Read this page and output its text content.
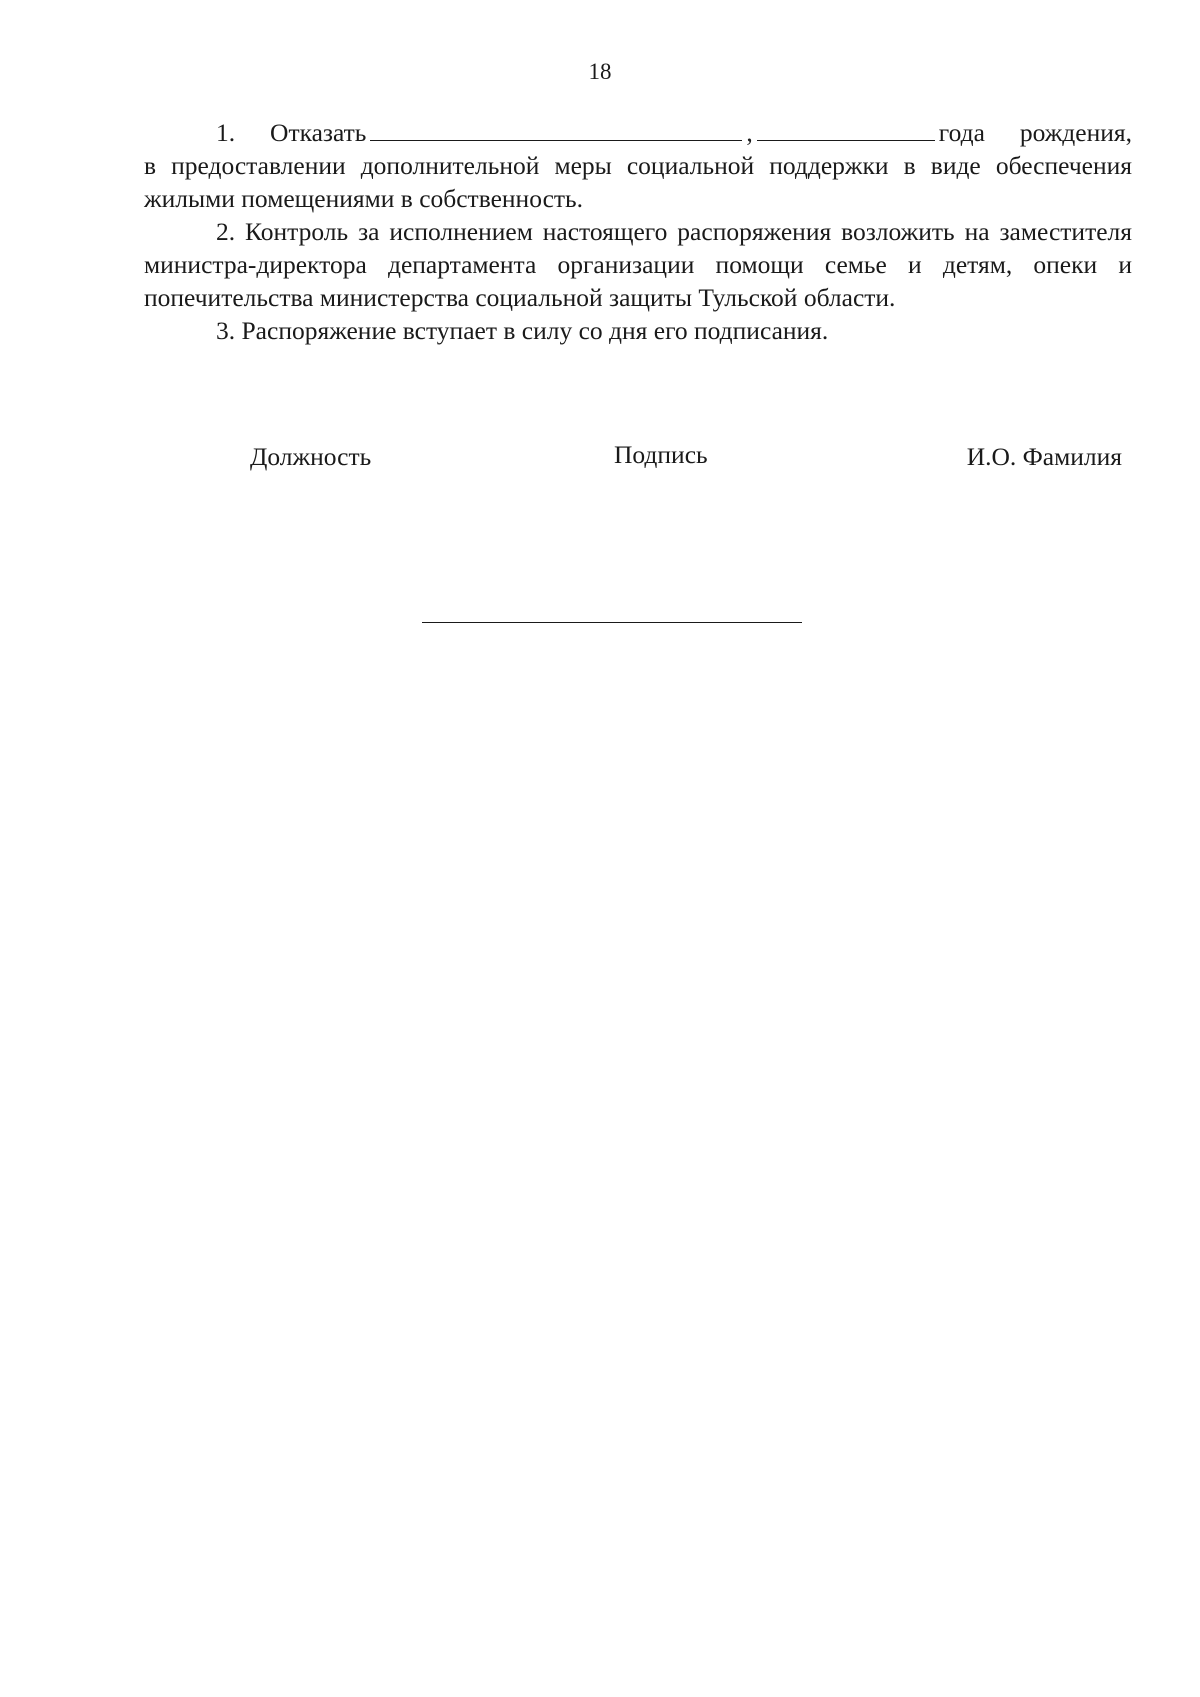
18

1. Отказать	,	года рождения,

в предоставлении дополнительной меры социальной поддержки в виде обеспечения жилыми помещениями в собственность.

2. Контроль за исполнением настоящего распоряжения возложить на заместителя министра-директора департамента организации помощи семье и детям, опеки и попечительства министерства социальной защиты Тульской области.

3. Распоряжение вступает в силу со дня его подписания.

Должность	Подпись	И.О. Фамилия
